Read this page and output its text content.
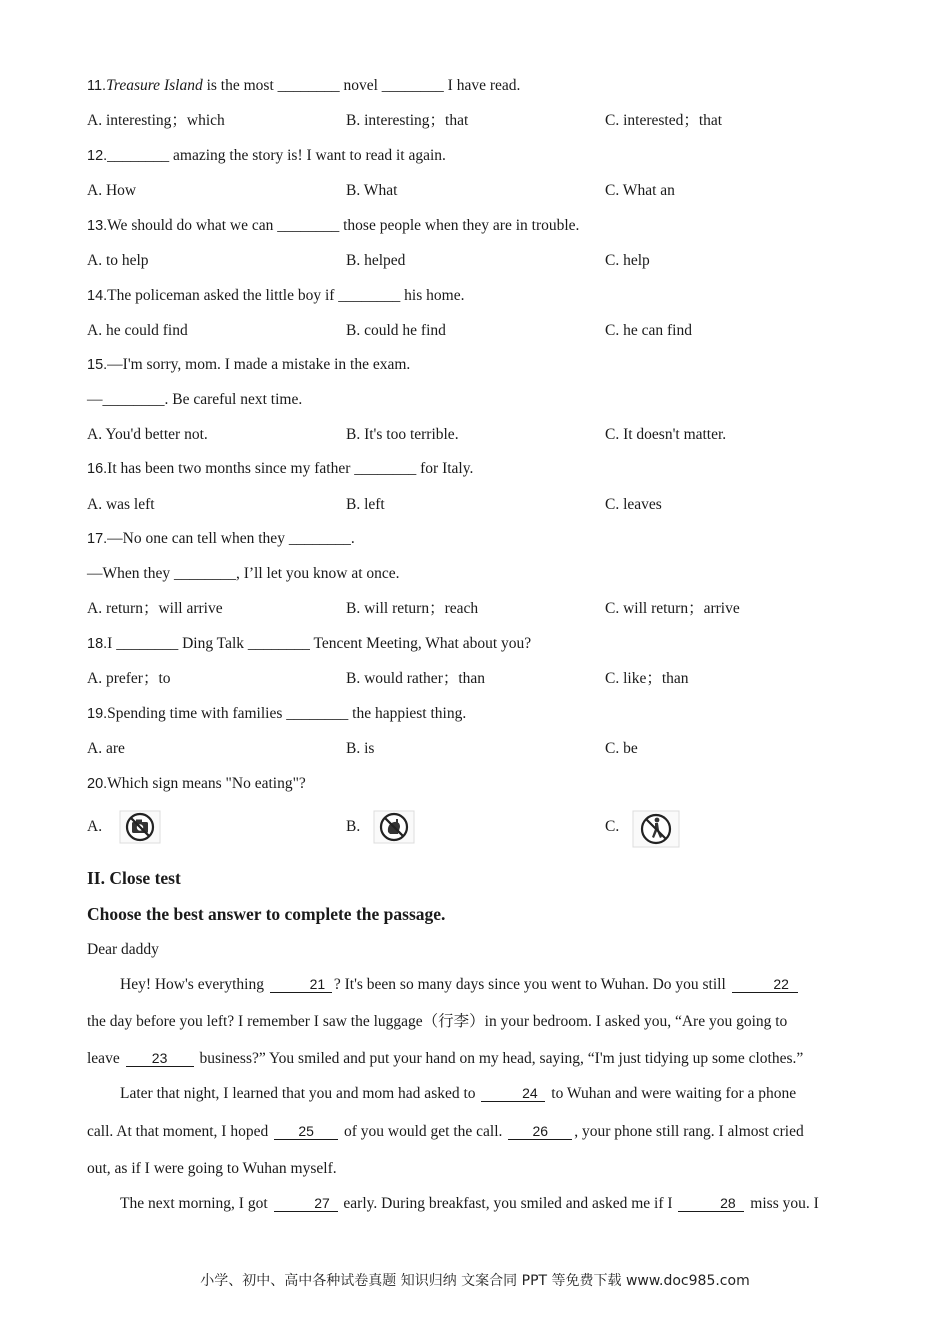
11.Treasure Island is the most ________ novel ________ I have read.
A. interesting；which	B. interesting；that	C. interested；that
12.________ amazing the story is! I want to read it again.
A. How	B. What	C. What an
13.We should do what we can ________ those people when they are in trouble.
A. to help	B. helped	C. help
14.The policeman asked the little boy if ________ his home.
A. he could find	B. could he find	C. he can find
15.—I'm sorry, mom. I made a mistake in the exam.
—________. Be careful next time.
A. You'd better not.	B. It's too terrible.	C. It doesn't matter.
16.It has been two months since my father ________ for Italy.
A. was left	B. left	C. leaves
17.—No one can tell when they ________.
—When they ________, I’ll let you know at once.
A. return；will arrive	B. will return；reach	C. will return；arrive
18.I ________ Ding Talk ________ Tencent Meeting, What about you?
A. prefer；to	B. would rather；than	C. like；than
19.Spending time with families ________ the happiest thing.
A. are	B. is	C. be
20.Which sign means "No eating"?
A.	B.	C.
II. Close test
Choose the best answer to complete the passage.
Dear daddy
Hey! How's everything	21 ? It's been so many days since you went to Wuhan. Do you still	22
the day before you left? I remember I saw the luggage（行李）in your bedroom. I asked you, “Are you going to
leave 23 business?” You smiled and put your hand on my head, saying, “I'm just tidying up some clothes.”
Later that night, I learned that you and mom had asked to	24 to Wuhan and were waiting for a phone
call. At that moment, I hoped 25 of you would get the call. 26 , your phone still rang. I almost cried
out, as if I were going to Wuhan myself.
The next morning, I got	27 early. During breakfast, you smiled and asked me if I	28 miss you. I
小学、初中、高中各种试卷真题 知识归纳 文案合同 PPT 等免费下载 www.doc985.com
